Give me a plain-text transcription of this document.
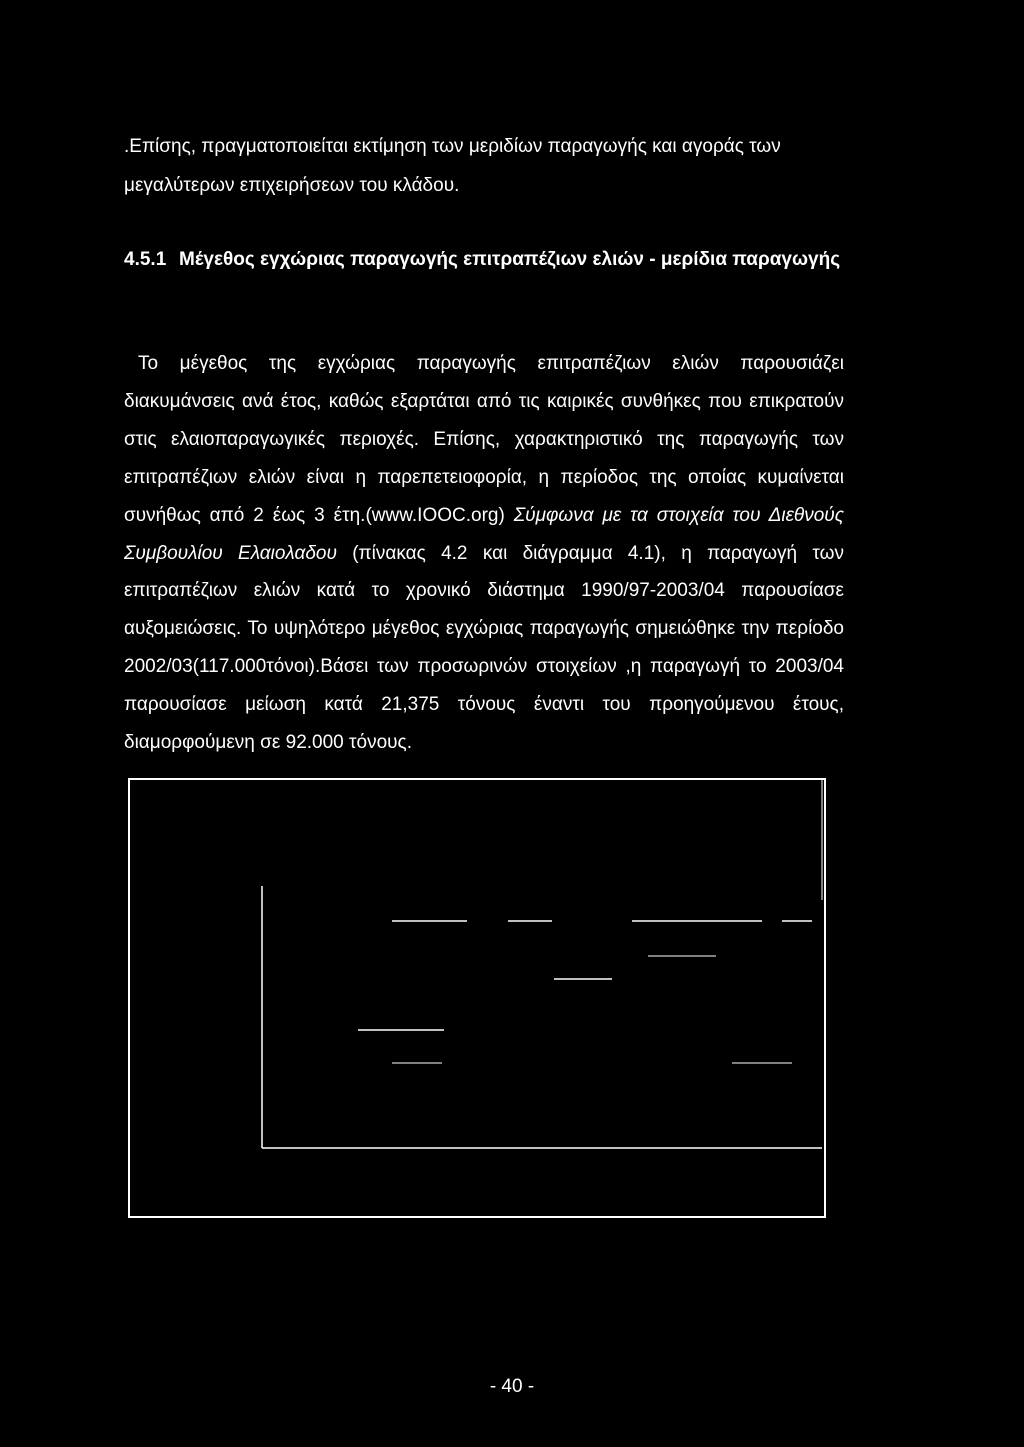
.Επίσης, πραγματοποιείται εκτίμηση των μεριδίων παραγωγής και αγοράς των μεγαλύτερων επιχειρήσεων του κλάδου.

4.5.1 Μέγεθος εγχώριας παραγωγής επιτραπέζιων ελιών - μερίδια παραγωγής

Το μέγεθος της εγχώριας παραγωγής επιτραπέζιων ελιών παρουσιάζει διακυμάνσεις ανά έτος, καθώς εξαρτάται από τις καιρικές συνθήκες που επικρατούν στις ελαιοπαραγωγικές περιοχές. Επίσης, χαρακτηριστικό της παραγωγής των επιτραπέζιων ελιών είναι η παρεπετειοφορία, η περίοδος της οποίας κυμαίνεται συνήθως από 2 έως 3 έτη.(www.IOOC.org) Σύμφωνα με τα στοιχεία του Διεθνούς Συμβουλίου Ελαιολαδου (πίνακας 4.2 και διάγραμμα 4.1), η παραγωγή των επιτραπέζιων ελιών κατά το χρονικό διάστημα 1990/97-2003/04 παρουσίασε αυξομειώσεις. Το υψηλότερο μέγεθος εγχώριας παραγωγής σημειώθηκε την περίοδο 2002/03(117.000τόνοι).Βάσει των προσωρινών στοιχείων ,η παραγωγή το 2003/04 παρουσίασε μείωση κατά 21,375 τόνους έναντι του προηγούμενου έτους, διαμορφούμενη σε 92.000 τόνους.

- 40 -
